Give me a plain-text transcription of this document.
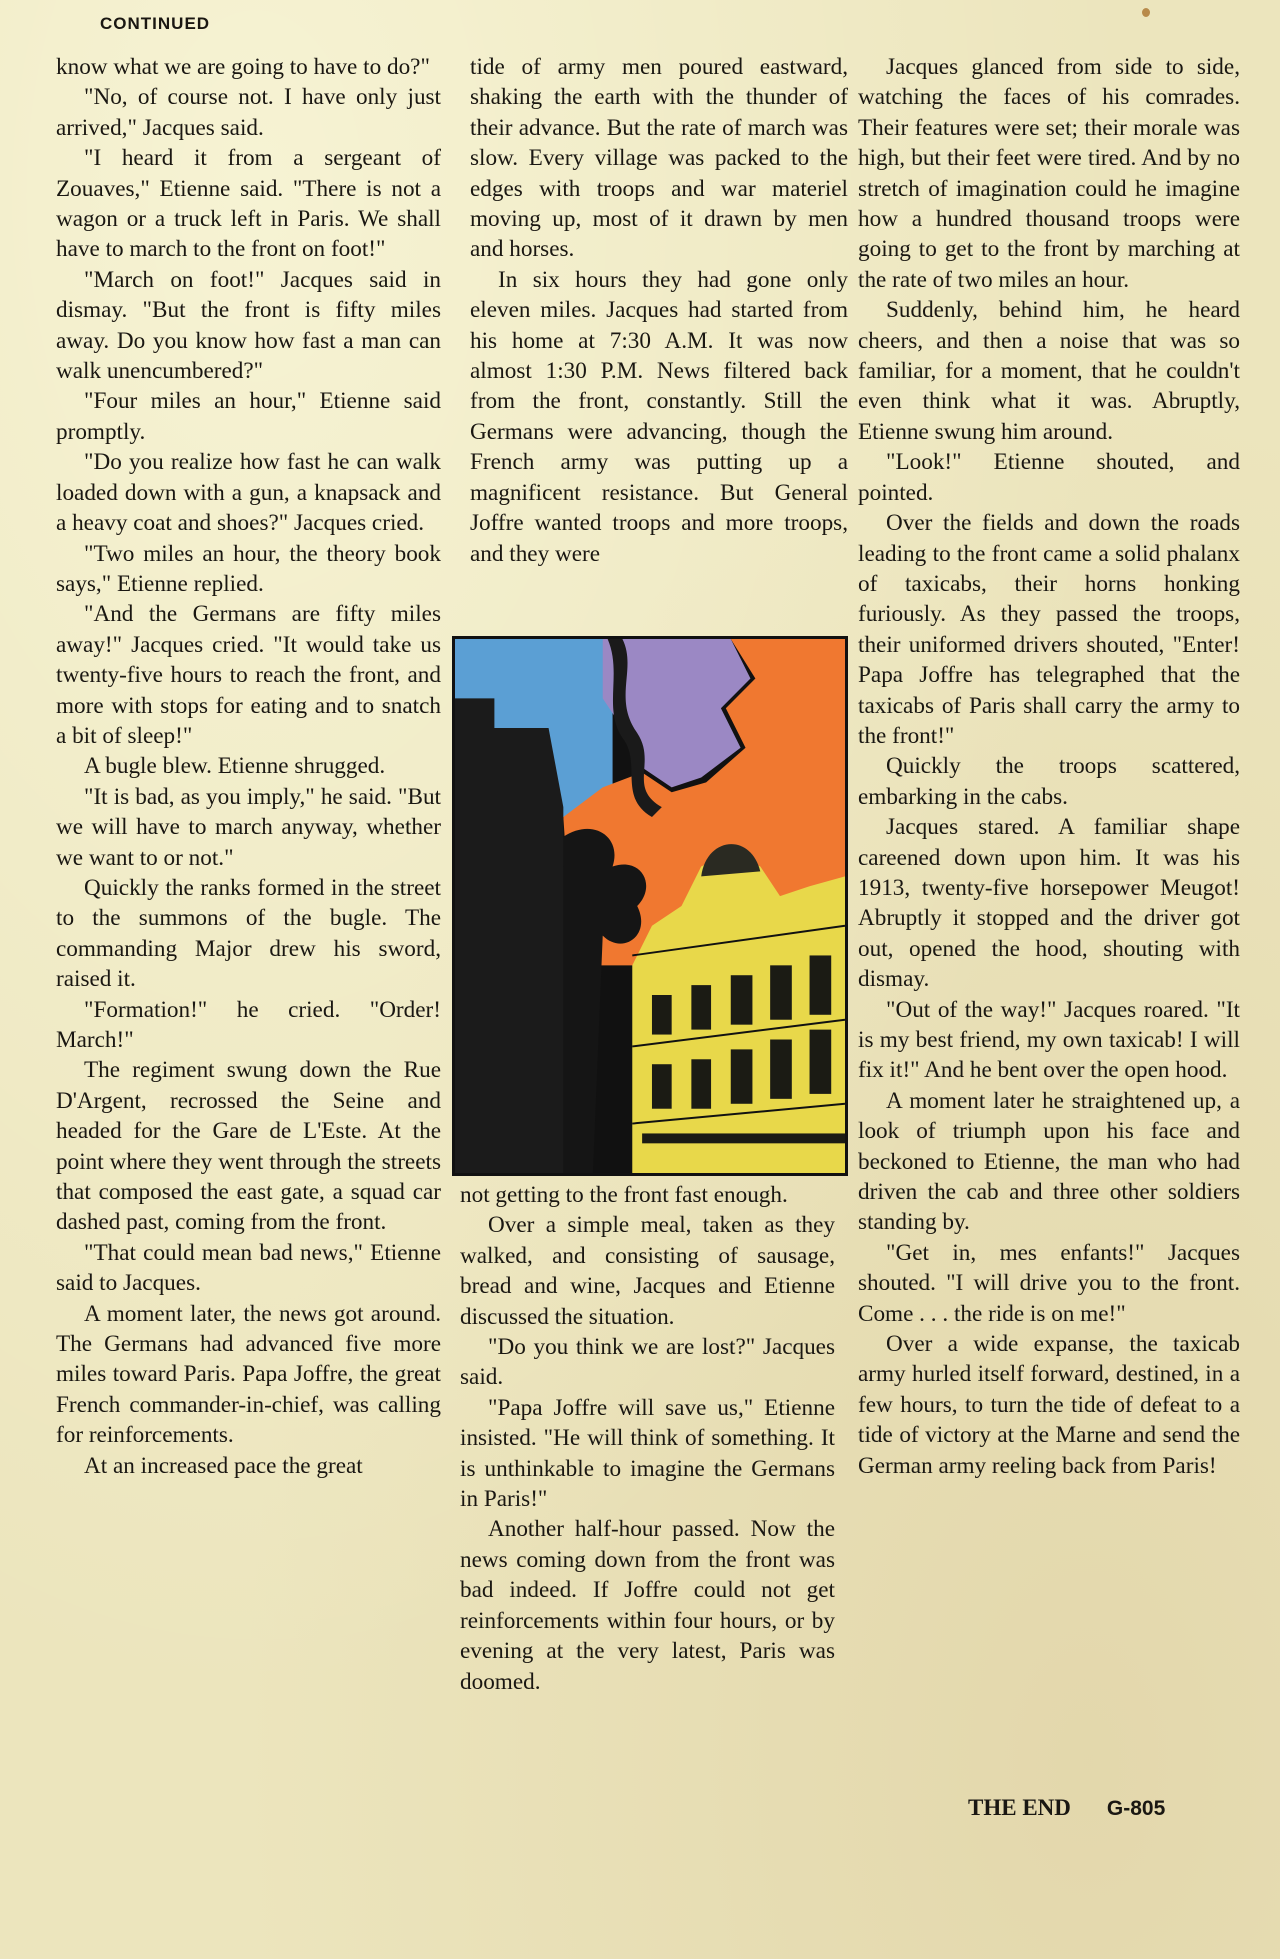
CONTINUED

know what we are going to have to do?"

"No, of course not. I have only just arrived," Jacques said.

"I heard it from a sergeant of Zouaves," Etienne said. "There is not a wagon or a truck left in Paris. We shall have to march to the front on foot!"

"March on foot!" Jacques said in dismay. "But the front is fifty miles away. Do you know how fast a man can walk unencumbered?"

"Four miles an hour," Etienne said promptly.

"Do you realize how fast he can walk loaded down with a gun, a knapsack and a heavy coat and shoes?" Jacques cried.

"Two miles an hour, the theory book says," Etienne replied.

"And the Germans are fifty miles away!" Jacques cried. "It would take us twenty-five hours to reach the front, and more with stops for eating and to snatch a bit of sleep!"

A bugle blew. Etienne shrugged.

"It is bad, as you imply," he said. "But we will have to march anyway, whether we want to or not."

Quickly the ranks formed in the street to the summons of the bugle. The commanding Major drew his sword, raised it.

"Formation!" he cried. "Order! March!"

The regiment swung down the Rue D'Argent, recrossed the Seine and headed for the Gare de L'Este. At the point where they went through the streets that composed the east gate, a squad car dashed past, coming from the front.

"That could mean bad news," Etienne said to Jacques.

A moment later, the news got around. The Germans had advanced five more miles toward Paris. Papa Joffre, the great French commander-in-chief, was calling for reinforcements.

At an increased pace the great

tide of army men poured eastward, shaking the earth with the thunder of their advance. But the rate of march was slow. Every village was packed to the edges with troops and war materiel moving up, most of it drawn by men and horses.

In six hours they had gone only eleven miles. Jacques had started from his home at 7:30 A.M. It was now almost 1:30 P.M. News filtered back from the front, constantly. Still the Germans were advancing, though the French army was putting up a magnificent resistance. But General Joffre wanted troops and more troops, and they were

not getting to the front fast enough.

Over a simple meal, taken as they walked, and consisting of sausage, bread and wine, Jacques and Etienne discussed the situation.

"Do you think we are lost?" Jacques said.

"Papa Joffre will save us," Etienne insisted. "He will think of something. It is unthinkable to imagine the Germans in Paris!"

Another half-hour passed. Now the news coming down from the front was bad indeed. If Joffre could not get reinforcements within four hours, or by evening at the very latest, Paris was doomed.

Jacques glanced from side to side, watching the faces of his comrades. Their features were set; their morale was high, but their feet were tired. And by no stretch of imagination could he imagine how a hundred thousand troops were going to get to the front by marching at the rate of two miles an hour.

Suddenly, behind him, he heard cheers, and then a noise that was so familiar, for a moment, that he couldn't even think what it was. Abruptly, Etienne swung him around.

"Look!" Etienne shouted, and pointed.

Over the fields and down the roads leading to the front came a solid phalanx of taxicabs, their horns honking furiously. As they passed the troops, their uniformed drivers shouted, "Enter! Papa Joffre has telegraphed that the taxicabs of Paris shall carry the army to the front!"

Quickly the troops scattered, embarking in the cabs.

Jacques stared. A familiar shape careened down upon him. It was his 1913, twenty-five horsepower Meugot! Abruptly it stopped and the driver got out, opened the hood, shouting with dismay.

"Out of the way!" Jacques roared. "It is my best friend, my own taxicab! I will fix it!" And he bent over the open hood.

A moment later he straightened up, a look of triumph upon his face and beckoned to Etienne, the man who had driven the cab and three other soldiers standing by.

"Get in, mes enfants!" Jacques shouted. "I will drive you to the front. Come . . . the ride is on me!"

Over a wide expanse, the taxicab army hurled itself forward, destined, in a few hours, to turn the tide of defeat to a tide of victory at the Marne and send the German army reeling back from Paris!

THE END G-805
